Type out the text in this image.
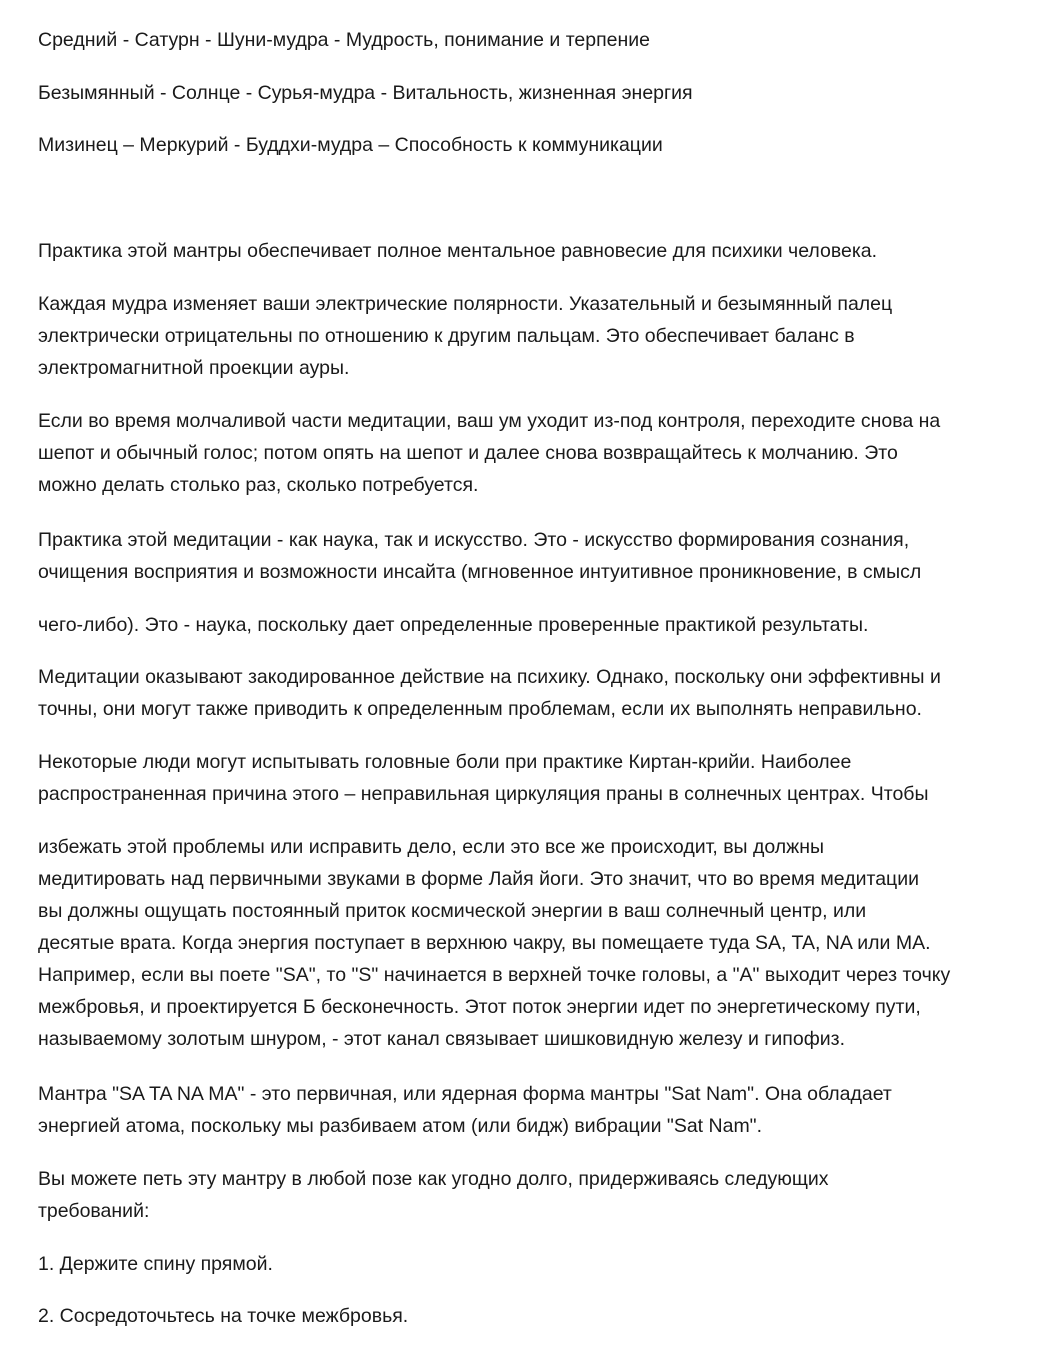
Средний - Сатурн - Шуни-мудра - Мудрость, понимание и терпение

Безымянный - Солнце - Сурья-мудра - Витальность, жизненная энергия

Мизинец – Меркурий - Буддхи-мудра – Способность к коммуникации

Практика этой мантры обеспечивает полное ментальное равновесие для психики человека.

Каждая мудра изменяет ваши электрические полярности. Указательный и безымянный палец
электрически отрицательны по отношению к другим пальцам. Это обеспечивает баланс в
электромагнитной проекции ауры.

Если во время молчаливой части медитации, ваш ум уходит из-под контроля, переходите снова на
шепот и обычный голос; потом опять на шепот и далее снова возвращайтесь к молчанию. Это
можно делать столько раз, сколько потребуется.

Практика этой медитации - как наука, так и искусство. Это - искусство формирования сознания,
очищения восприятия и возможности инсайта (мгновенное интуитивное проникновение, в смысл

чего-либо). Это - наука, поскольку дает определенные проверенные практикой результаты.

Медитации оказывают закодированное действие на психику. Однако, поскольку они эффективны и
точны, они могут также приводить к определенным проблемам, если их выполнять неправильно.

Некоторые люди могут испытывать головные боли при практике Киртан-крийи. Наиболее
распространенная причина этого – неправильная циркуляция праны в солнечных центрах. Чтобы

избежать этой проблемы или исправить дело, если это все же происходит, вы должны
медитировать над первичными звуками в форме Лайя йоги. Это значит, что во время медитации
вы должны ощущать постоянный приток космической энергии в ваш солнечный центр, или
десятые врата. Когда энергия поступает в верхнюю чакру, вы помещаете туда SA, TA, NA или MA.
Например, если вы поете "SA", то "S" начинается в верхней точке головы, а "A" выходит через точку
межбровья, и проектируется Б бесконечность. Этот поток энергии идет по энергетическому пути,
называемому золотым шнуром, - этот канал связывает шишковидную железу и гипофиз.

Мантра "SA TA NA MA" - это первичная, или ядерная форма мантры "Sat Nam". Она обладает
энергией атома, поскольку мы разбиваем атом (или бидж) вибрации "Sat Nam".

Вы можете петь эту мантру в любой позе как угодно долго, придерживаясь следующих
требований:

1. Держите спину прямой.

2. Сосредоточьтесь на точке межбровья.
